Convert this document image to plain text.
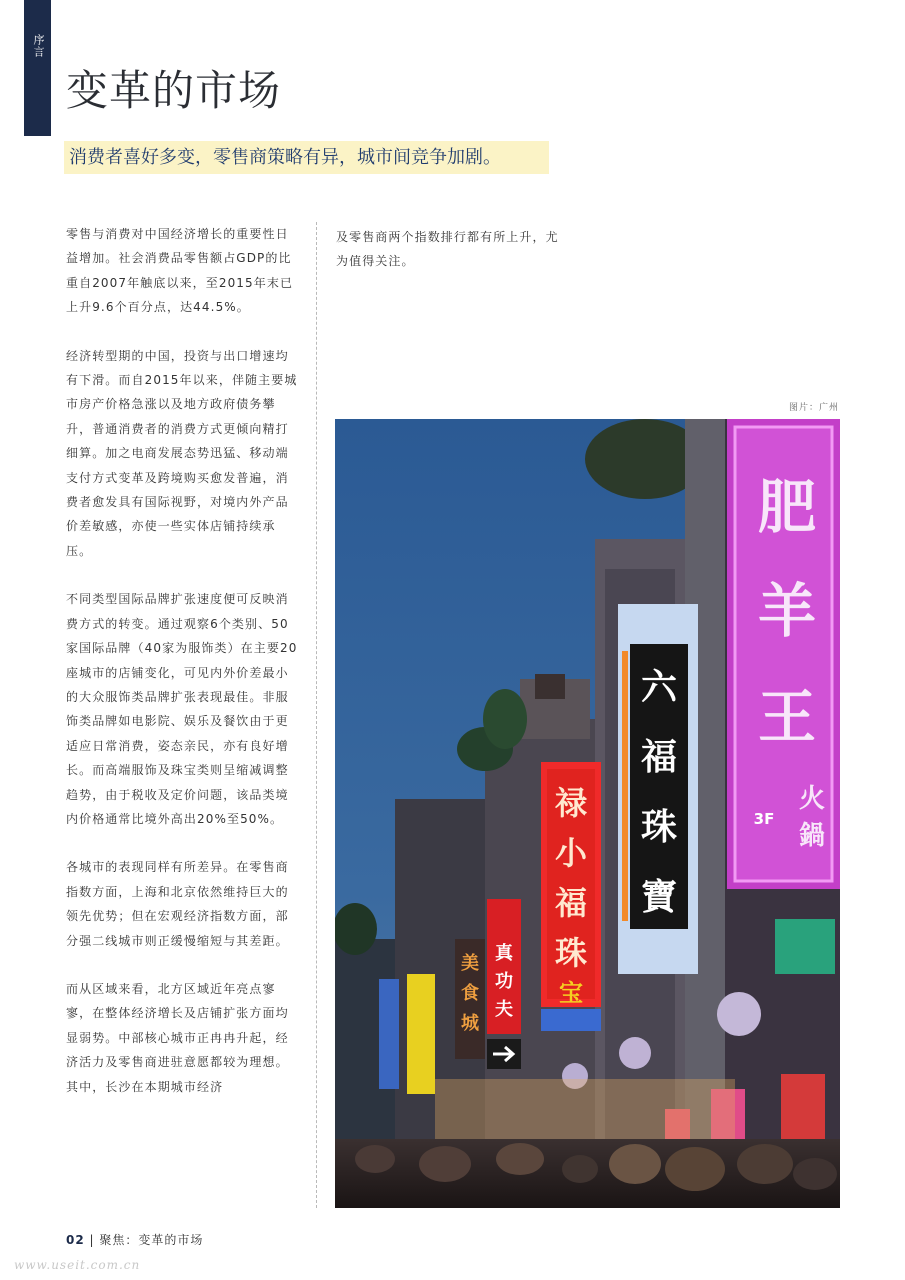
序言
变革的市场
消费者喜好多变，零售商策略有异，城市间竞争加剧。

零售与消费对中国经济增长的重要性日益增加。社会消费品零售额占GDP的比重自2007年触底以来，至2015年末已上升9.6个百分点，达44.5%。

经济转型期的中国，投资与出口增速均有下滑。而自2015年以来，伴随主要城市房产价格急涨以及地方政府债务攀升，普通消费者的消费方式更倾向精打细算。加之电商发展态势迅猛、移动端支付方式变革及跨境购买愈发普遍，消费者愈发具有国际视野，对境内外产品价差敏感，亦使一些实体店铺持续承压。

不同类型国际品牌扩张速度便可反映消费方式的转变。通过观察6个类别、50家国际品牌（40家为服饰类）在主要20座城市的店铺变化，可见内外价差最小的大众服饰类品牌扩张表现最佳。非服饰类品牌如电影院、娱乐及餐饮由于更适应日常消费，姿态亲民，亦有良好增长。而高端服饰及珠宝类则呈缩减调整趋势，由于税收及定价问题，该品类境内价格通常比境外高出20%至50%。

各城市的表现同样有所差异。在零售商指数方面，上海和北京依然维持巨大的领先优势；但在宏观经济指数方面，部分强二线城市则正缓慢缩短与其差距。

而从区域来看，北方区域近年亮点寥寥，在整体经济增长及店铺扩张方面均显弱势。中部核心城市正冉冉升起，经济活力及零售商进驻意愿都较为理想。其中，长沙在本期城市经济

及零售商两个指数排行都有所上升，尤为值得关注。

图片：广州
肥
羊
王
火
鍋
3F
六
福
珠
寶
禄
小
福
珠
宝
真
功
夫
美
食
城
02 | 聚焦：变革的市场
www.useit.com.cn
